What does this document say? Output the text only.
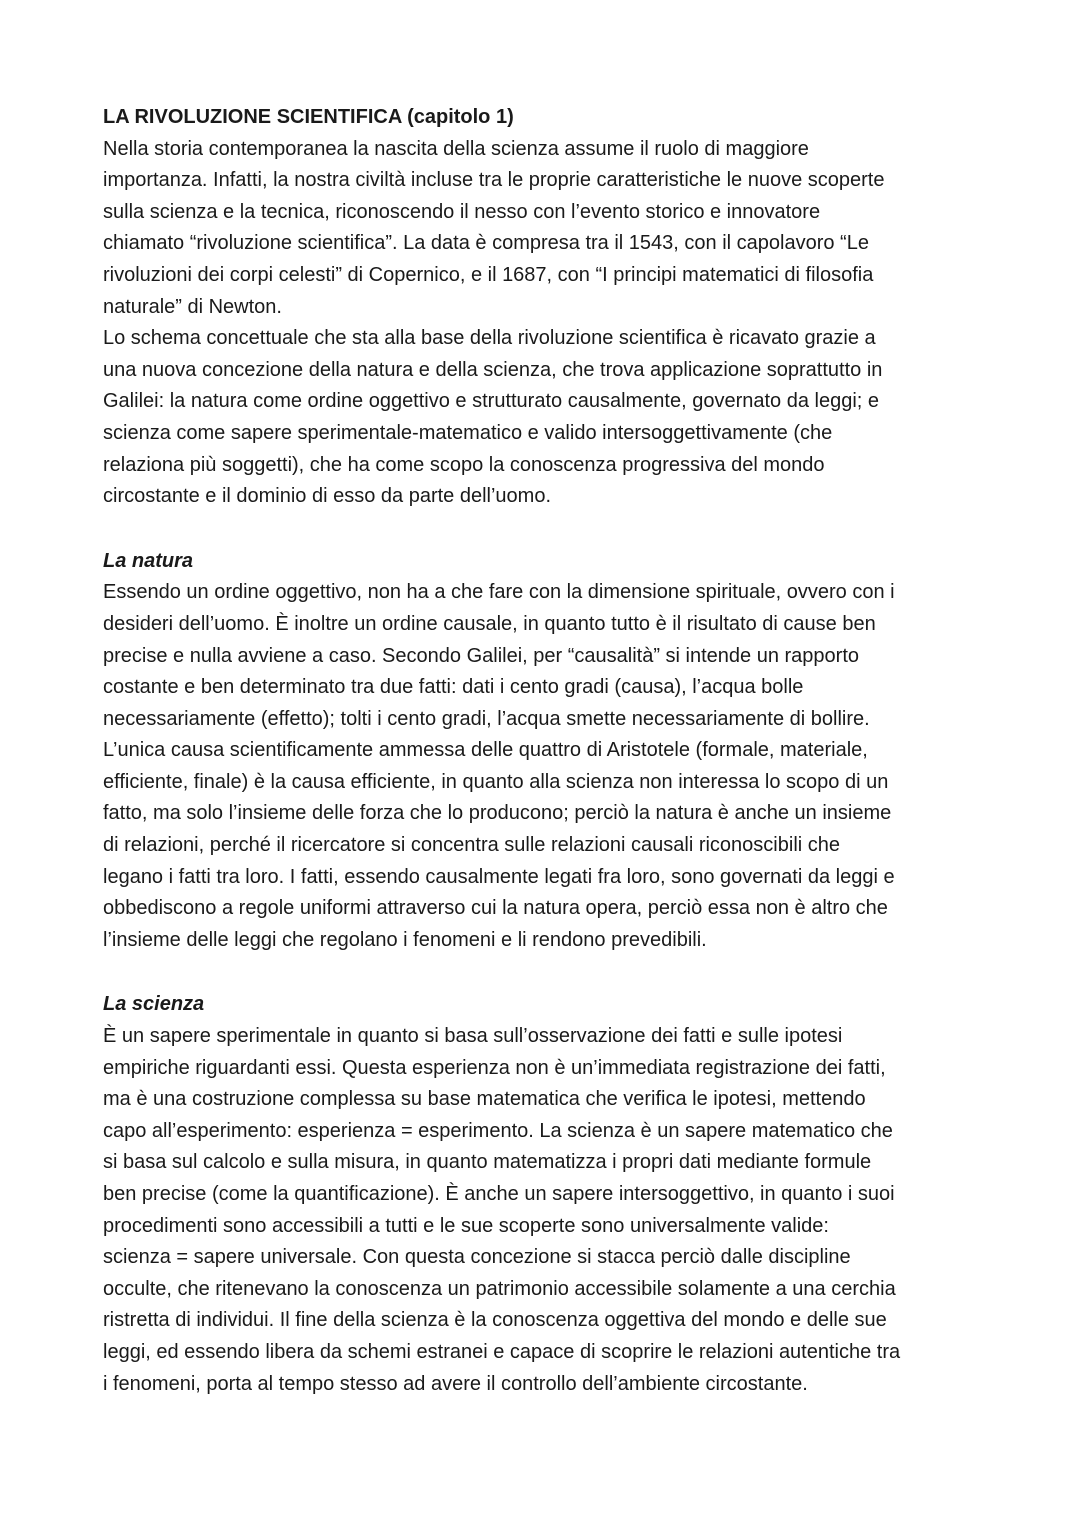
LA RIVOLUZIONE SCIENTIFICA (capitolo 1)

Nella storia contemporanea la nascita della scienza assume il ruolo di maggiore

importanza. Infatti, la nostra civiltà incluse tra le proprie caratteristiche le nuove scoperte

sulla scienza e la tecnica, riconoscendo il nesso con l’evento storico e innovatore

chiamato “rivoluzione scientifica”. La data è compresa tra il 1543, con il capolavoro “Le

rivoluzioni dei corpi celesti” di Copernico, e il 1687, con “I principi matematici di filosofia

naturale” di Newton.

Lo schema concettuale che sta alla base della rivoluzione scientifica è ricavato grazie a

una nuova concezione della natura e della scienza, che trova applicazione soprattutto in

Galilei: la natura come ordine oggettivo e strutturato causalmente, governato da leggi; e

scienza come sapere sperimentale-matematico e valido intersoggettivamente (che

relaziona più soggetti), che ha come scopo la conoscenza progressiva del mondo

circostante e il dominio di esso da parte dell’uomo.

La natura

Essendo un ordine oggettivo, non ha a che fare con la dimensione spirituale, ovvero con i

desideri dell’uomo. È inoltre un ordine causale, in quanto tutto è il risultato di cause ben

precise e nulla avviene a caso. Secondo Galilei, per “causalità” si intende un rapporto

costante e ben determinato tra due fatti: dati i cento gradi (causa), l’acqua bolle

necessariamente (effetto); tolti i cento gradi, l’acqua smette necessariamente di bollire.

L’unica causa scientificamente ammessa delle quattro di Aristotele (formale, materiale,

efficiente, finale) è la causa efficiente, in quanto alla scienza non interessa lo scopo di un

fatto, ma solo l’insieme delle forza che lo producono; perciò la natura è anche un insieme

di relazioni, perché il ricercatore si concentra sulle relazioni causali riconoscibili che

legano i fatti tra loro. I fatti, essendo causalmente legati fra loro, sono governati da leggi e

obbediscono a regole uniformi attraverso cui la natura opera, perciò essa non è altro che

l’insieme delle leggi che regolano i fenomeni e li rendono prevedibili.

La scienza

È un sapere sperimentale in quanto si basa sull’osservazione dei fatti e sulle ipotesi

empiriche riguardanti essi. Questa esperienza non è un’immediata registrazione dei fatti,

ma è una costruzione complessa su base matematica che verifica le ipotesi, mettendo

capo all’esperimento: esperienza = esperimento. La scienza è un sapere matematico che

si basa sul calcolo e sulla misura, in quanto matematizza i propri dati mediante formule

ben precise (come la quantificazione). È anche un sapere intersoggettivo, in quanto i suoi

procedimenti sono accessibili a tutti e le sue scoperte sono universalmente valide:

scienza = sapere universale. Con questa concezione si stacca perciò dalle discipline

occulte, che ritenevano la conoscenza un patrimonio accessibile solamente a una cerchia

ristretta di individui. Il fine della scienza è la conoscenza oggettiva del mondo e delle sue

leggi, ed essendo libera da schemi estranei e capace di scoprire le relazioni autentiche tra

i fenomeni, porta al tempo stesso ad avere il controllo dell’ambiente circostante.
